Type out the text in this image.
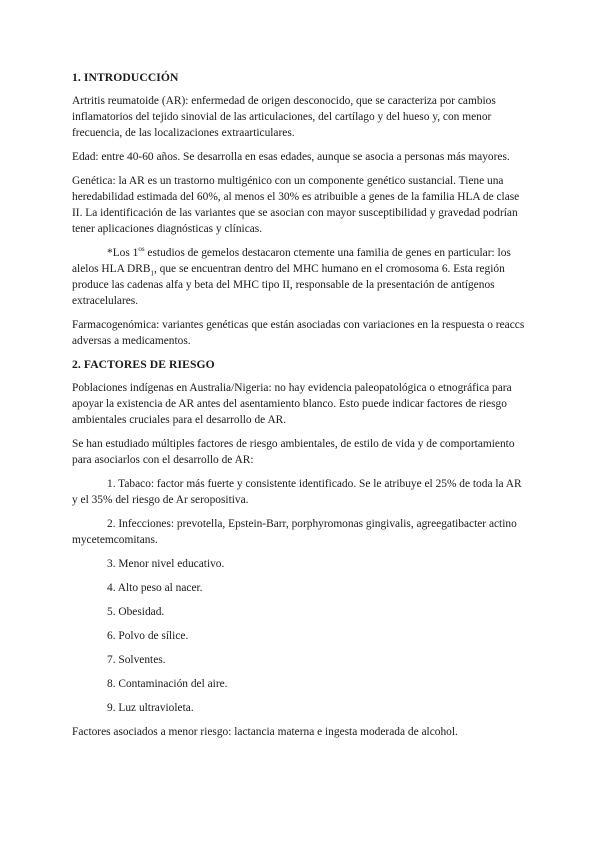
1. INTRODUCCIÓN

Artritis reumatoide (AR): enfermedad de origen desconocido, que se caracteriza por cambios inflamatorios del tejido sinovial de las articulaciones, del cartílago y del hueso y, con menor frecuencia, de las localizaciones extraarticulares.

Edad: entre 40-60 años. Se desarrolla en esas edades, aunque se asocia a personas más mayores.

Genética: la AR es un trastorno multigénico con un componente genético sustancial. Tiene una heredabilidad estimada del 60%, al menos el 30% es atribuible a genes de la familia HLA de clase II. La identificación de las variantes que se asocian con mayor susceptibilidad y gravedad podrían tener aplicaciones diagnósticas y clínicas.

*Los $1^{os}$ estudios de gemelos destacaron ctemente una familia de genes en particular: los alelos HLA $DRB_1$, que se encuentran dentro del MHC humano en el cromosoma 6. Esta región produce las cadenas alfa y beta del MHC tipo II, responsable de la presentación de antígenos extracelulares.

Farmacogenómica: variantes genéticas que están asociadas con variaciones en la respuesta o reaccs adversas a medicamentos.

2. FACTORES DE RIESGO

Poblaciones indígenas en Australia/Nigeria: no hay evidencia paleopatológica o etnográfica para apoyar la existencia de AR antes del asentamiento blanco. Esto puede indicar factores de riesgo ambientales cruciales para el desarrollo de AR.

Se han estudiado múltiples factores de riesgo ambientales, de estilo de vida y de comportamiento para asociarlos con el desarrollo de AR:

1. Tabaco: factor más fuerte y consistente identificado. Se le atribuye el 25% de toda la AR y el 35% del riesgo de Ar seropositiva.
2. Infecciones: prevotella, Epstein-Barr, porphyromonas gingivalis, agreegatibacter actino mycetemcomitans.
3. Menor nivel educativo.
4. Alto peso al nacer.
5. Obesidad.
6. Polvo de sílice.
7. Solventes.
8. Contaminación del aire.
9. Luz ultravioleta.

Factores asociados a menor riesgo: lactancia materna e ingesta moderada de alcohol.
